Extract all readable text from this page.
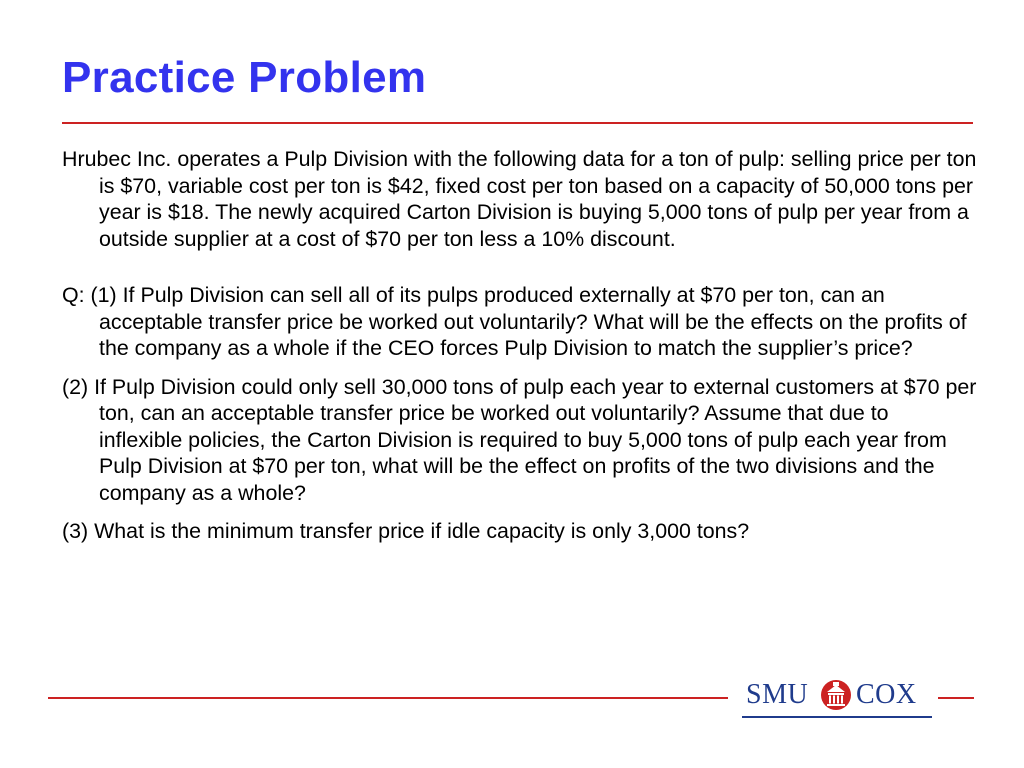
Practice Problem

Hrubec Inc. operates a Pulp Division with the following data for a ton of pulp: selling price per ton is $70, variable cost per ton is $42, fixed cost per ton based on a capacity of 50,000 tons per year is $18. The newly acquired Carton Division is buying 5,000 tons of pulp per year from a outside supplier at a cost of $70 per ton less a 10% discount.

Q: (1) If Pulp Division can sell all of its pulps produced externally at $70 per ton, can an acceptable transfer price be worked out voluntarily? What will be the effects on the profits of the company as a whole if the CEO forces Pulp Division to match the supplier’s price?

(2) If Pulp Division could only sell 30,000 tons of pulp each year to external customers at $70 per ton, can an acceptable transfer price be worked out voluntarily? Assume that due to inflexible policies, the Carton Division is required to buy 5,000 tons of pulp each year from Pulp Division at $70 per ton, what will be the effect on profits of the two divisions and the company as a whole?

(3) What is the minimum transfer price if idle capacity is only 3,000 tons?

SMU COX
